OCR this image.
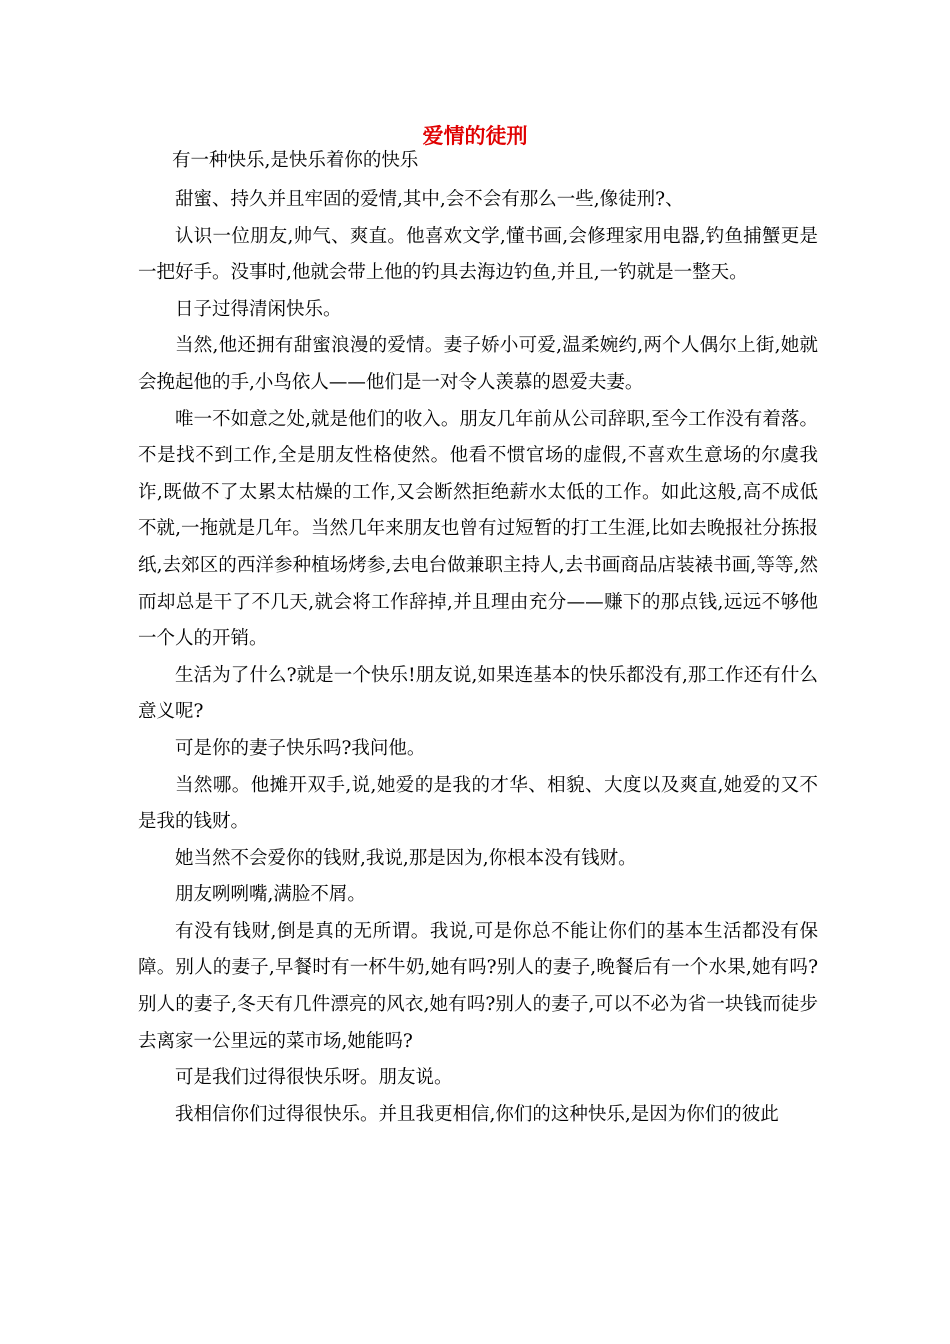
爱情的徒刑

有一种快乐,是快乐着你的快乐

甜蜜、持久并且牢固的爱情,其中,会不会有那么一些,像徒刑?、

认识一位朋友,帅气、爽直。他喜欢文学,懂书画,会修理家用电器,钓鱼捕蟹更是一把好手。没事时,他就会带上他的钓具去海边钓鱼,并且,一钓就是一整天。

日子过得清闲快乐。

当然,他还拥有甜蜜浪漫的爱情。妻子娇小可爱,温柔婉约,两个人偶尔上街,她就会挽起他的手,小鸟依人——他们是一对令人羡慕的恩爱夫妻。

唯一不如意之处,就是他们的收入。朋友几年前从公司辞职,至今工作没有着落。不是找不到工作,全是朋友性格使然。他看不惯官场的虚假,不喜欢生意场的尔虞我诈,既做不了太累太枯燥的工作,又会断然拒绝薪水太低的工作。如此这般,高不成低不就,一拖就是几年。当然几年来朋友也曾有过短暂的打工生涯,比如去晚报社分拣报纸,去郊区的西洋参种植场烤参,去电台做兼职主持人,去书画商品店装裱书画,等等,然而却总是干了不几天,就会将工作辞掉,并且理由充分——赚下的那点钱,远远不够他一个人的开销。

生活为了什么?就是一个快乐!朋友说,如果连基本的快乐都没有,那工作还有什么意义呢?

可是你的妻子快乐吗?我问他。

当然哪。他摊开双手,说,她爱的是我的才华、相貌、大度以及爽直,她爱的又不是我的钱财。

她当然不会爱你的钱财,我说,那是因为,你根本没有钱财。

朋友咧咧嘴,满脸不屑。

有没有钱财,倒是真的无所谓。我说,可是你总不能让你们的基本生活都没有保障。别人的妻子,早餐时有一杯牛奶,她有吗?别人的妻子,晚餐后有一个水果,她有吗?别人的妻子,冬天有几件漂亮的风衣,她有吗?别人的妻子,可以不必为省一块钱而徒步去离家一公里远的菜市场,她能吗?

可是我们过得很快乐呀。朋友说。

我相信你们过得很快乐。并且我更相信,你们的这种快乐,是因为你们的彼此
